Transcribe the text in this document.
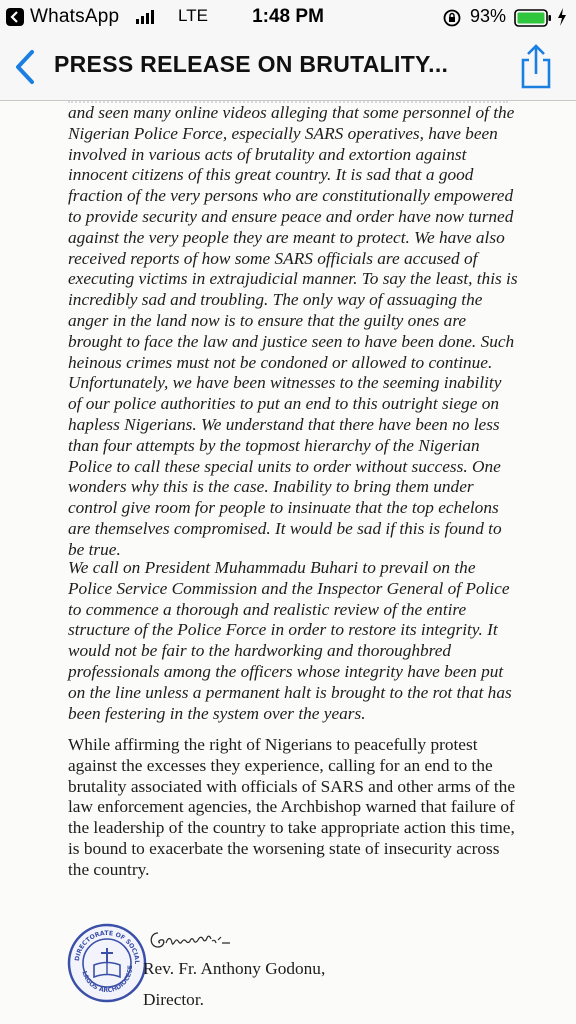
WhatsApp	LTE	1:48 PM	93%
PRESS RELEASE ON BRUTALITY...

and seen many online videos alleging that some personnel of the Nigerian Police Force, especially SARS operatives, have been involved in various acts of brutality and extortion against innocent citizens of this great country. It is sad that a good fraction of the very persons who are constitutionally empowered to provide security and ensure peace and order have now turned against the very people they are meant to protect. We have also received reports of how some SARS officials are accused of executing victims in extrajudicial manner. To say the least, this is incredibly sad and troubling. The only way of assuaging the anger in the land now is to ensure that the guilty ones are brought to face the law and justice seen to have been done. Such heinous crimes must not be condoned or allowed to continue. Unfortunately, we have been witnesses to the seeming inability of our police authorities to put an end to this outright siege on hapless Nigerians. We understand that there have been no less than four attempts by the topmost hierarchy of the Nigerian Police to call these special units to order without success. One wonders why this is the case. Inability to bring them under control give room for people to insinuate that the top echelons are themselves compromised. It would be sad if this is found to be true.

We call on President Muhammadu Buhari to prevail on the Police Service Commission and the Inspector General of Police to commence a thorough and realistic review of the entire structure of the Police Force in order to restore its integrity. It would not be fair to the hardworking and thoroughbred professionals among the officers whose integrity have been put on the line unless a permanent halt is brought to the rot that has been festering in the system over the years.

While affirming the right of Nigerians to peacefully protest against the excesses they experience, calling for an end to the brutality associated with officials of SARS and other arms of the law enforcement agencies, the Archbishop warned that failure of the leadership of the country to take appropriate action this time, is bound to exacerbate the worsening state of insecurity across the country.

DIRECTORATE OF SOCIAL
LAGOS ARCHDIOCESE Rev. Fr. Anthony Godonu,
Director.
